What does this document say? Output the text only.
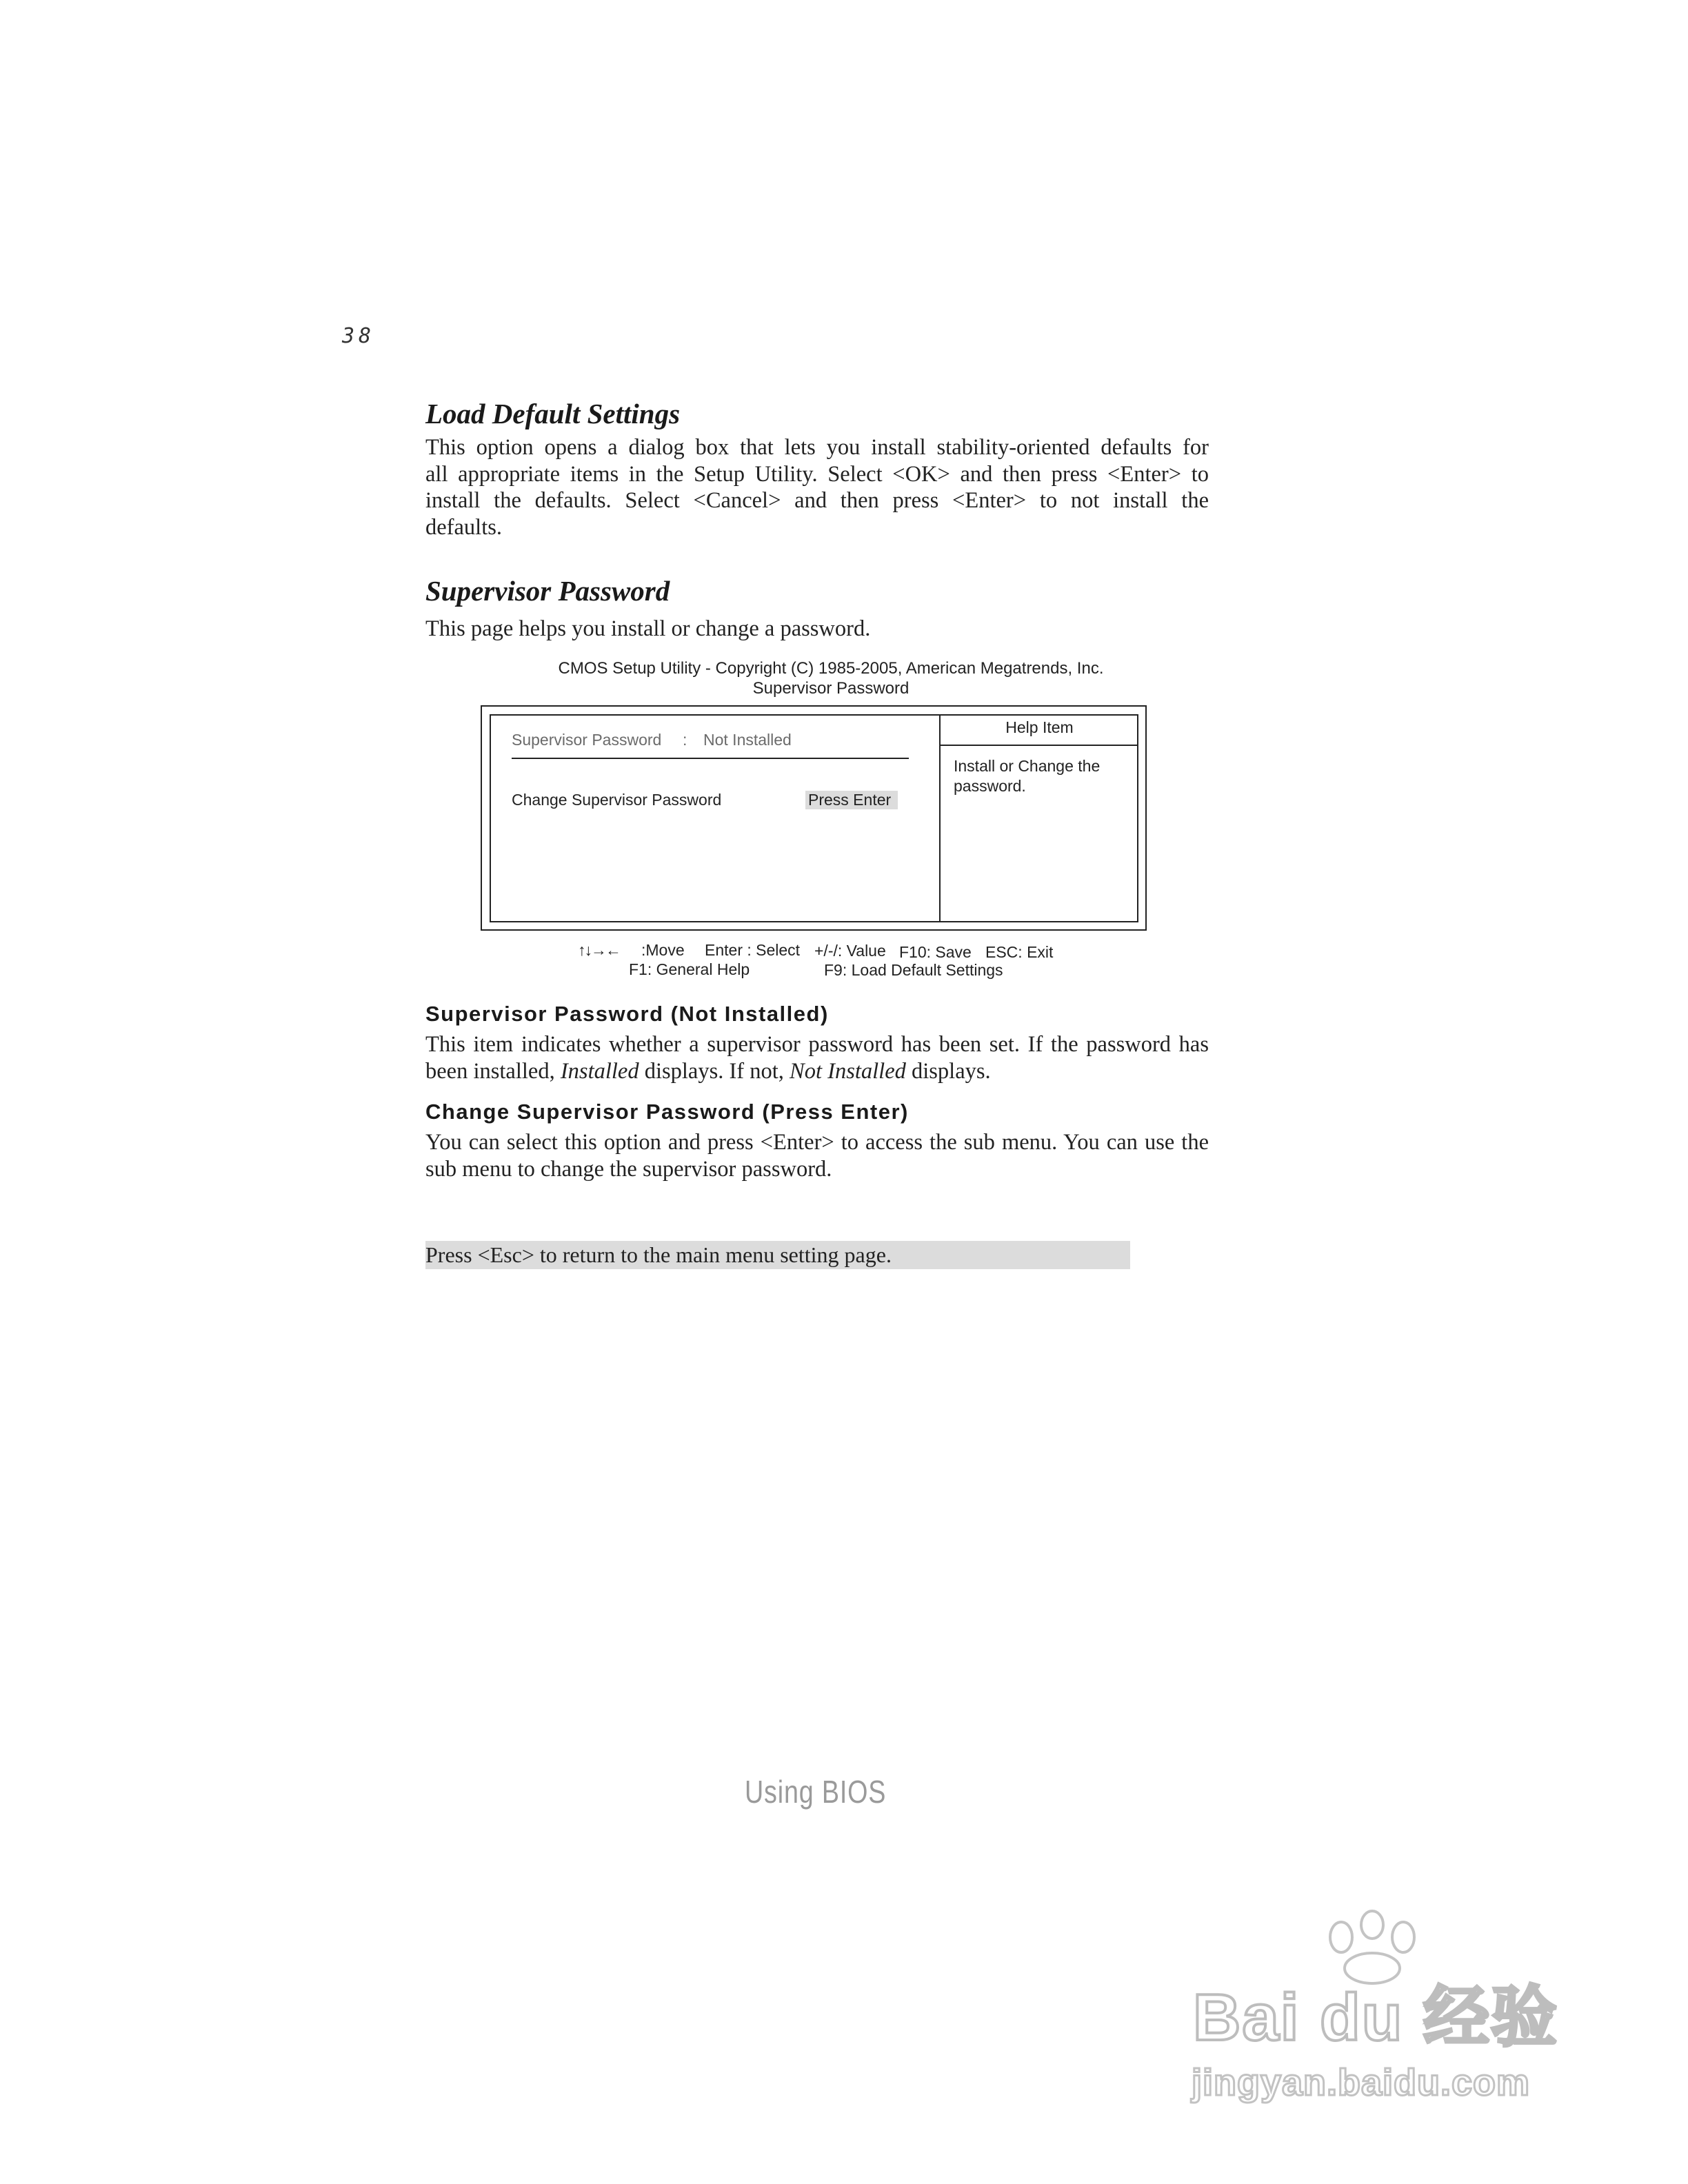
38
Load Default Settings
This option opens a dialog box that lets you install stability-oriented defaults for
all appropriate items in the Setup Utility. Select <OK> and then press <Enter> to
install the defaults. Select <Cancel> and then press <Enter> to not install the
defaults.
Supervisor Password
This page helps you install or change a password.
CMOS Setup Utility - Copyright (C) 1985-2005, American Megatrends, Inc.
Supervisor Password
Supervisor Password : Not Installed
Change Supervisor Password	Press Enter
Help Item
Install or Change the
password.
↑↓→← :Move Enter : Select +/-/: Value F10: Save ESC: Exit
F1: General Help	F9: Load Default Settings
Supervisor Password (Not Installed)
This item indicates whether a supervisor password has been set. If the password has
been installed, Installed displays. If not, Not Installed displays.
Change Supervisor Password (Press Enter)
You can select this option and press <Enter> to access the sub menu. You can use the
sub menu to change the supervisor password.
Press <Esc> to return to the main menu setting page.
Using BIOS
Bai du 经验
jingyan.baidu.com
